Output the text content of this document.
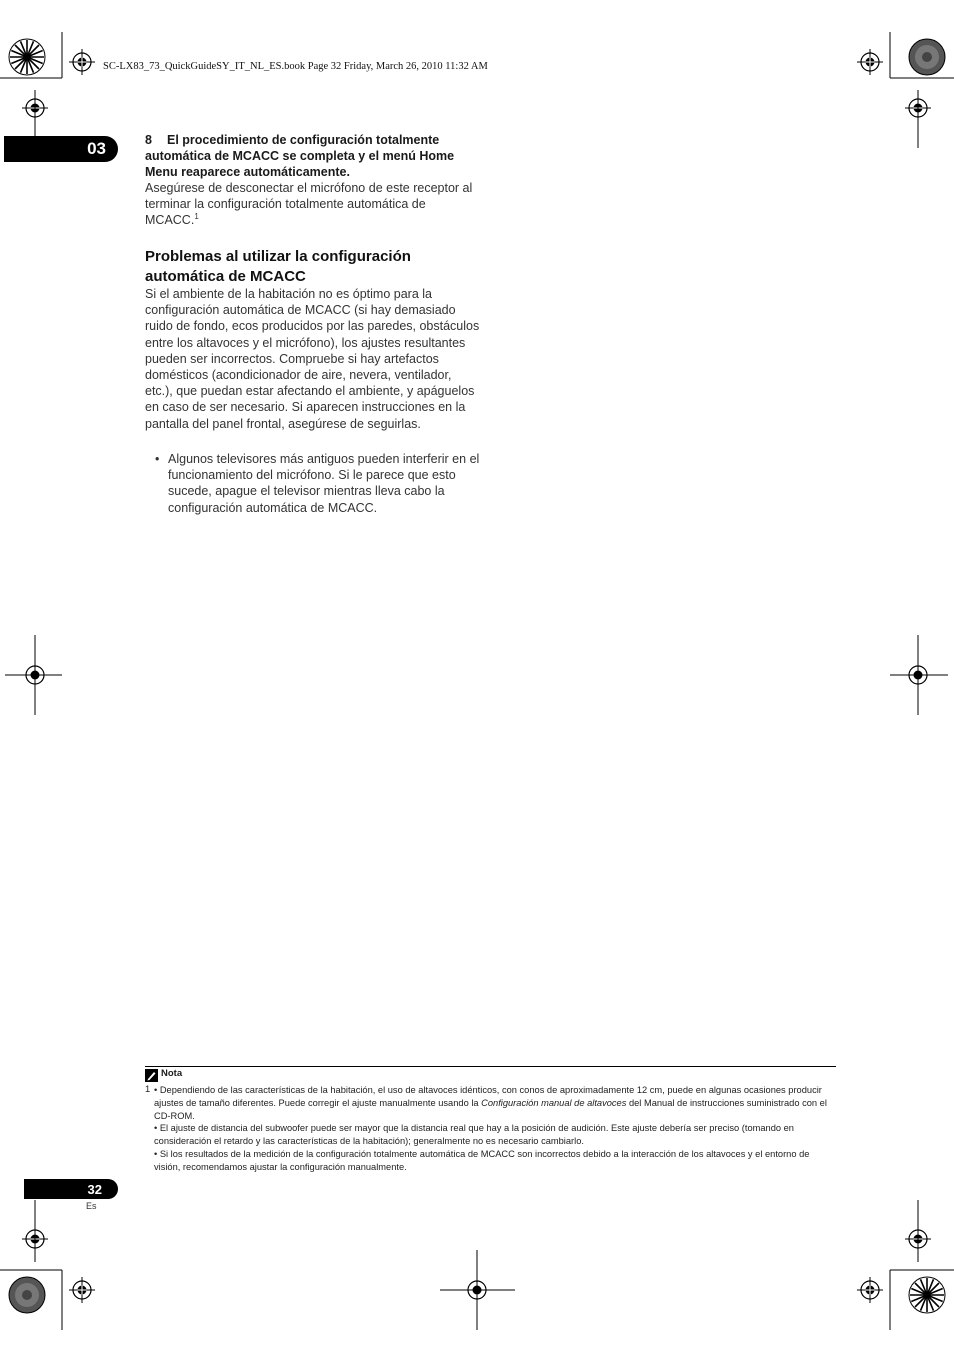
SC-LX83_73_QuickGuideSY_IT_NL_ES.book Page 32 Friday, March 26, 2010 11:32 AM
03	8 El procedimiento de configuración totalmente automática de MCACC se completa y el menú Home Menu reaparece automáticamente.
Asegúrese de desconectar el micrófono de este receptor al terminar la configuración totalmente automática de MCACC.$^1$
Problemas al utilizar la configuración automática de MCACC
Si el ambiente de la habitación no es óptimo para la configuración automática de MCACC (si hay demasiado ruido de fondo, ecos producidos por las paredes, obstáculos entre los altavoces y el micrófono), los ajustes resultantes pueden ser incorrectos. Compruebe si hay artefactos domésticos (acondicionador de aire, nevera, ventilador, etc.), que puedan estar afectando el ambiente, y apáguelos en caso de ser necesario. Si aparecen instrucciones en la pantalla del panel frontal, asegúrese de seguirlas.
• Algunos televisores más antiguos pueden interferir en el funcionamiento del micrófono. Si le parece que esto sucede, apague el televisor mientras lleva cabo la configuración automática de MCACC.
Nota
1 • Dependiendo de las características de la habitación, el uso de altavoces idénticos, con conos de aproximadamente 12 cm, puede en algunas ocasiones producir ajustes de tamaño diferentes. Puede corregir el ajuste manualmente usando la Configuración manual de altavoces del Manual de instrucciones suministrado con el CD-ROM.
• El ajuste de distancia del subwoofer puede ser mayor que la distancia real que hay a la posición de audición. Este ajuste debería ser preciso (tomando en consideración el retardo y las características de la habitación); generalmente no es necesario cambiarlo.
• Si los resultados de la medición de la configuración totalmente automática de MCACC son incorrectos debido a la interacción de los altavoces y el entorno de visión, recomendamos ajustar la configuración manualmente.
32
Es
